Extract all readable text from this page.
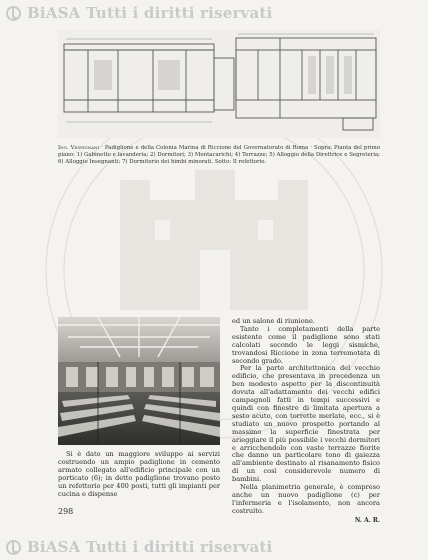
BiASA Tutti i diritti riservati
Ing. Vespignani · Padiglione e della Colonia Marina di Riccione del Governatorato di Roma · Sopra: Pianta del primo piano: 1) Gabinetto e lavanderia; 2) Dormitori; 3) Montacarichi; 4) Terrazze; 5) Alloggio della Direttrice e Segreteria; 6) Alloggio Insegnanti; 7) Dormitorio dei bimbi minorati. Sotto: Il refettorio.

Si è dato un maggiore sviluppo ai servizi costruendo un ampio padiglione in cemento armato collegato all'edificio principale con un porticato (6); in detto padiglione trovano posto un refettorio per 400 posti, tutti gli impianti per cucina e dispense

ed un salone di riunione.

Tanto i completamenti della parte esistente come il padiglione sono stati calcolati secondo le leggi sismiche, trovandosi Riccione in zona terremotata di secondo grado.

Per la parte architettonica del vecchio edificio, che presentava in precedenza un ben modesto aspetto per la discontinuità dovuta all'adattamento dei vecchi edifici campagnoli fatti in tempi successivi e quindi con finestre di limitata apertura a sesto acuto, con torrette merlate, ecc., si è studiato un nuovo prospetto portando al massimo la superficie finestrata per arieggiare il più possibile i vecchi dormitori e arricchendolo con vaste terrazze fiorite che danno un particolare tono di gaiezza all'ambiente destinato al risanamento fisico di un così considerevole numero di bambini.

Nella planimetria generale, è compreso anche un nuovo padiglione (c) per l'infermeria e l'isolamento, non ancora costruito.

N. A. R.

298
BiASA Tutti i diritti riservati
